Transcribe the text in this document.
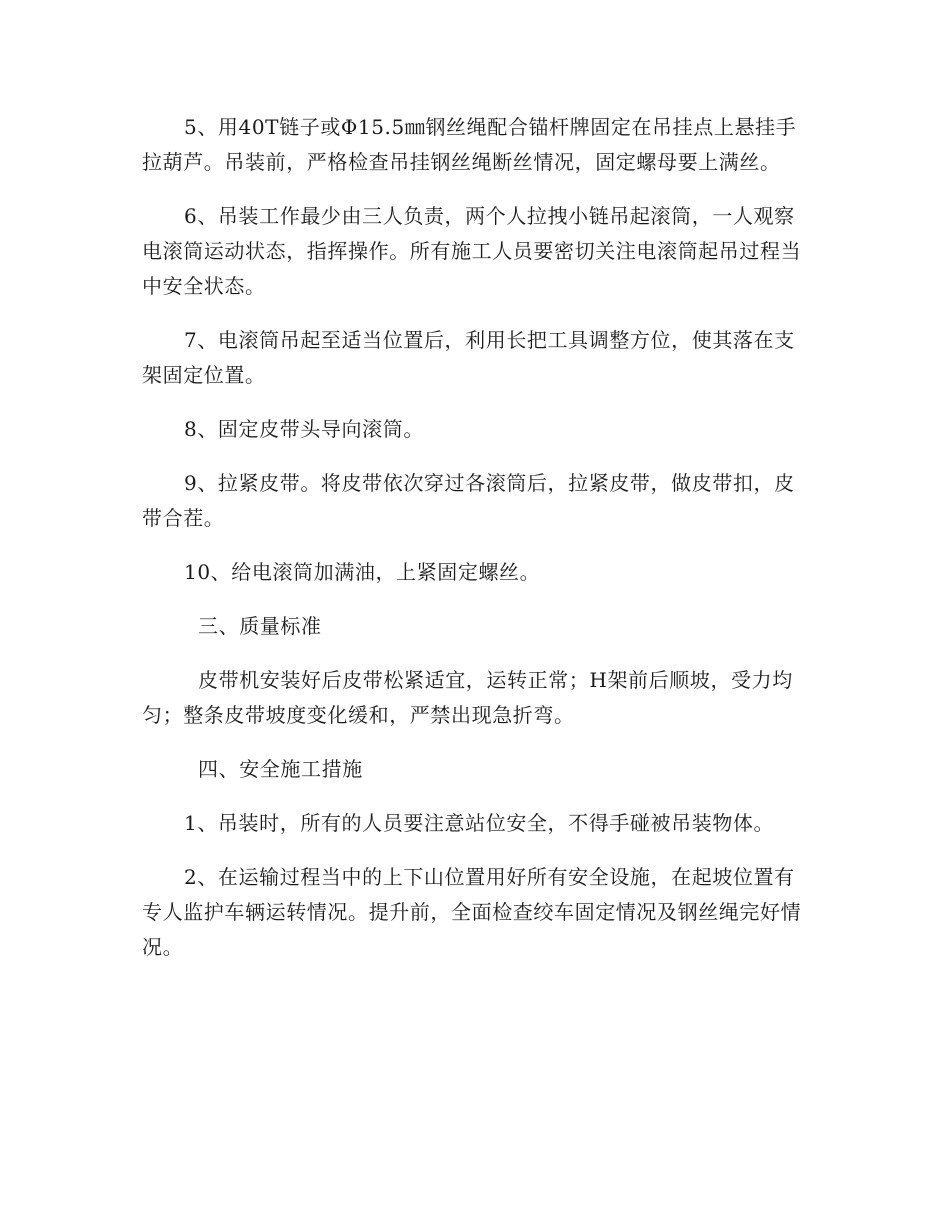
5、用40T链子或Φ15.5㎜钢丝绳配合锚杆牌固定在吊挂点上悬挂手拉葫芦。吊装前，严格检查吊挂钢丝绳断丝情况，固定螺母要上满丝。

6、吊装工作最少由三人负责，两个人拉拽小链吊起滚筒，一人观察电滚筒运动状态，指挥操作。所有施工人员要密切关注电滚筒起吊过程当中安全状态。

7、电滚筒吊起至适当位置后，利用长把工具调整方位，使其落在支架固定位置。

8、固定皮带头导向滚筒。

9、拉紧皮带。将皮带依次穿过各滚筒后，拉紧皮带，做皮带扣，皮带合茬。

10、给电滚筒加满油，上紧固定螺丝。

三、质量标准

皮带机安装好后皮带松紧适宜，运转正常；H架前后顺坡，受力均匀；整条皮带坡度变化缓和，严禁出现急折弯。

四、安全施工措施

1、吊装时，所有的人员要注意站位安全，不得手碰被吊装物体。

2、在运输过程当中的上下山位置用好所有安全设施，在起坡位置有专人监护车辆运转情况。提升前，全面检查绞车固定情况及钢丝绳完好情况。
